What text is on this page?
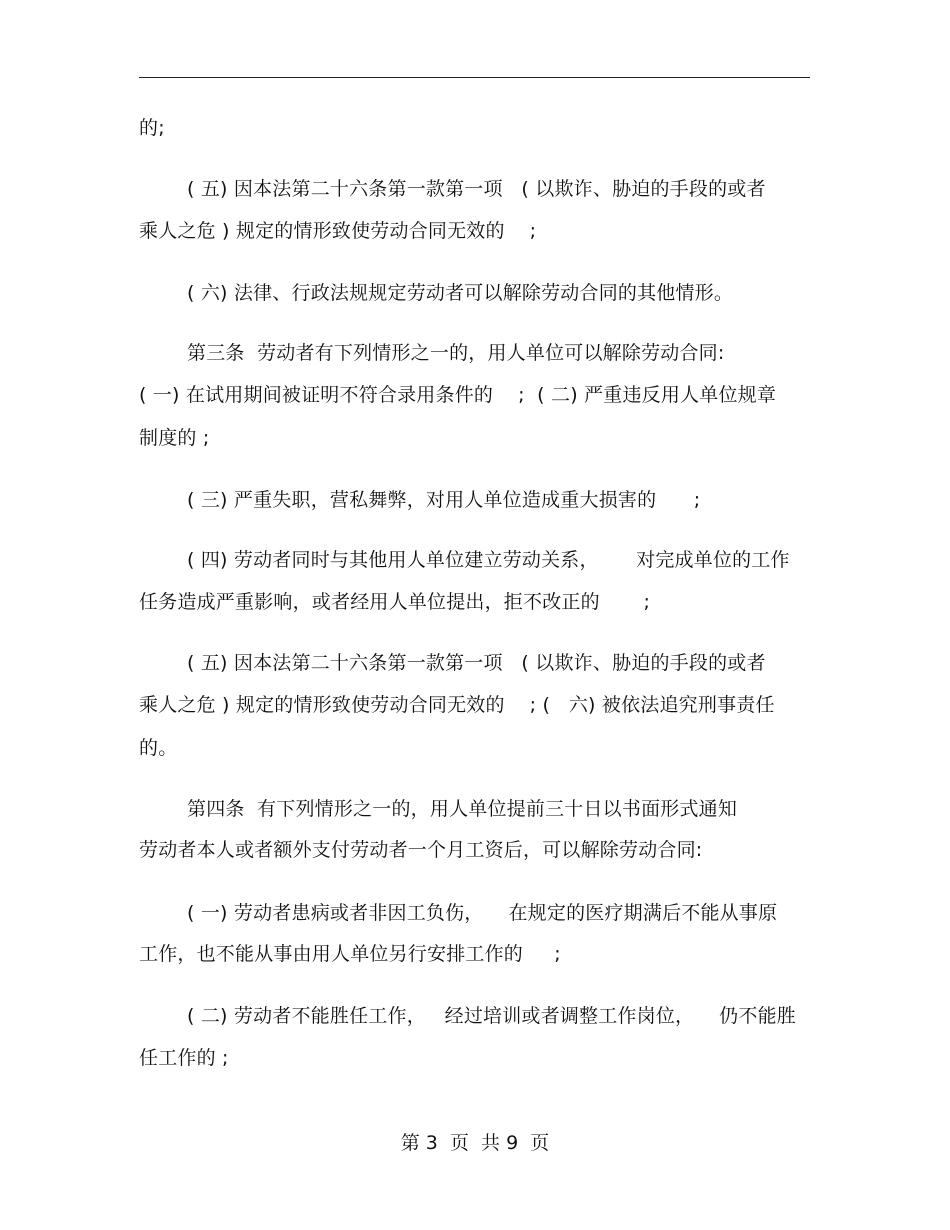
的;
( 五) 因本法第二十六条第一款第一项   ( 以欺诈、胁迫的手段的或者
乘人之危 ) 规定的情形致使劳动合同无效的    ;
( 六) 法律、行政法规规定劳动者可以解除劳动合同的其他情形。
第三条  劳动者有下列情形之一的，用人单位可以解除劳动合同:
( 一) 在试用期间被证明不符合录用条件的    ;  ( 二) 严重违反用人单位规章
制度的 ;
( 三) 严重失职，营私舞弊，对用人单位造成重大损害的      ;
( 四) 劳动者同时与其他用人单位建立劳动关系，      对完成单位的工作
任务造成严重影响，或者经用人单位提出，拒不改正的       ;
( 五) 因本法第二十六条第一款第一项   ( 以欺诈、胁迫的手段的或者
乘人之危 ) 规定的情形致使劳动合同无效的    ; (   六) 被依法追究刑事责任
的。
第四条  有下列情形之一的，用人单位提前三十日以书面形式通知
劳动者本人或者额外支付劳动者一个月工资后，可以解除劳动合同:
( 一) 劳动者患病或者非因工负伤，    在规定的医疗期满后不能从事原
工作，也不能从事由用人单位另行安排工作的     ;
( 二) 劳动者不能胜任工作，   经过培训或者调整工作岗位，    仍不能胜
任工作的 ;
第 3  页  共 9  页
